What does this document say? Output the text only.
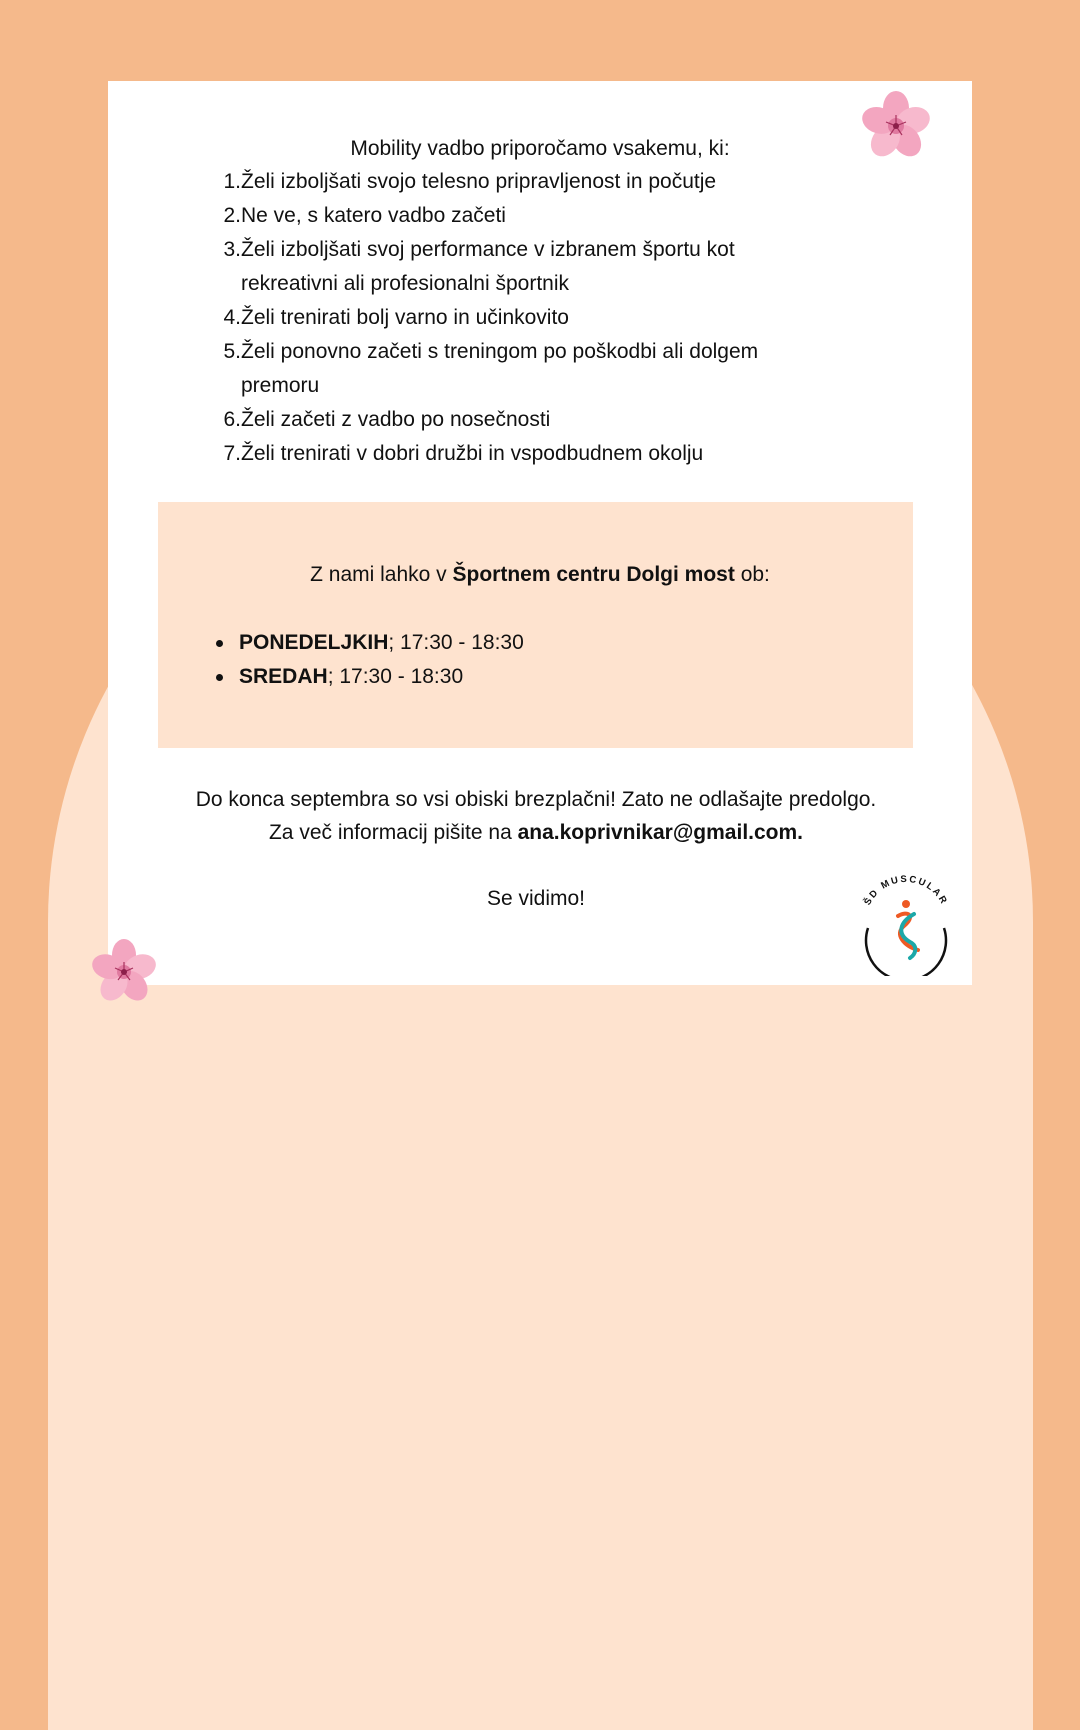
Mobility vadbo priporočamo vsakemu, ki:

1. Želi izboljšati svojo telesno pripravljenost in počutje
2. Ne ve, s katero vadbo začeti
3. Želi izboljšati svoj performance v izbranem športu kot rekreativni ali profesionalni športnik
4. Želi trenirati bolj varno in učinkovito
5. Želi ponovno začeti s treningom po poškodbi ali dolgem premoru
6. Želi začeti z vadbo po nosečnosti
7. Želi trenirati v dobri družbi in vspodbudnem okolju

Z nami lahko v Športnem centru Dolgi most ob:

PONEDELJKIH ; 17:30 - 18:30
SREDAH ; 17:30 - 18:30

Do konca septembra so vsi obiski brezplačni! Zato ne odlašajte predolgo.

Za več informacij pišite na ana.koprivnikar@gmail.com.

Se vidimo!	ŠD MUSCULAR
